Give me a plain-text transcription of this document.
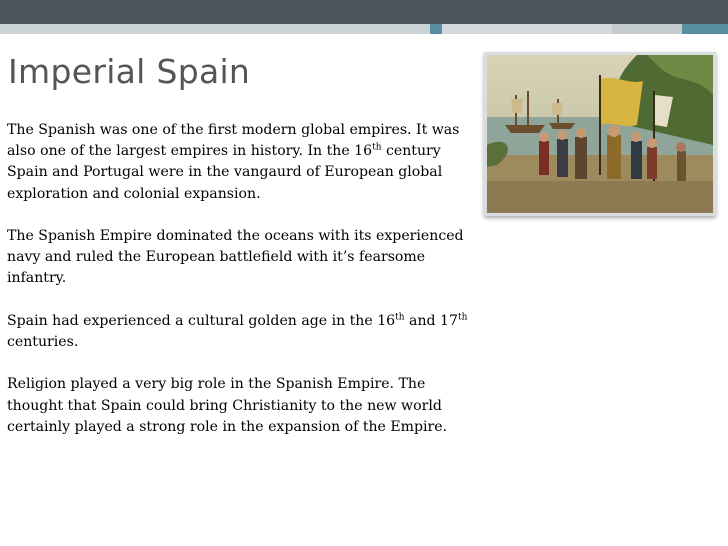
Imperial Spain

The Spanish was one of the first modern global empires. It was also one of the largest empires in history. In the 16th century Spain and Portugal were in the vangaurd of European global exploration and colonial expansion.

The Spanish Empire dominated the oceans with its experienced navy and ruled the European battlefield with it’s fearsome infantry.

Spain had experienced a cultural golden age in the 16th and 17th centuries.

Religion played a very big role in the Spanish Empire. The thought that Spain could bring Christianity to the new world certainly played a strong role in the expansion of the Empire.
